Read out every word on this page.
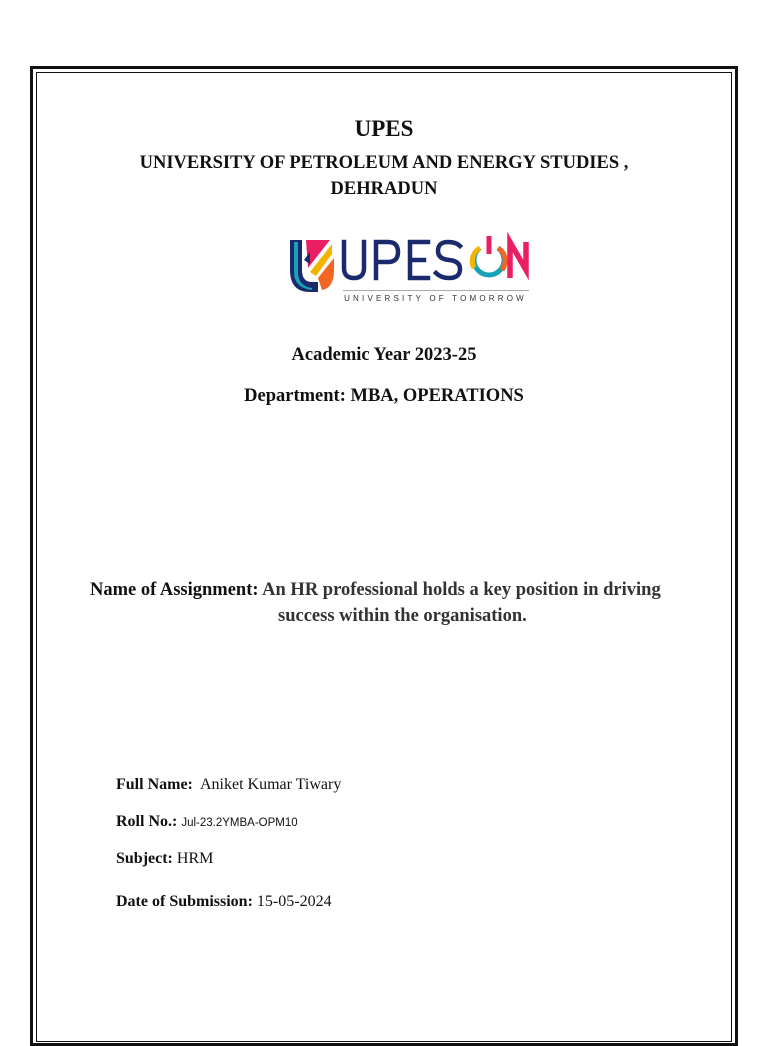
UPES
UNIVERSITY OF PETROLEUM AND ENERGY STUDIES ,
DEHRADUN
UNIVERSITY OF TOMORROW
Academic Year 2023-25
Department: MBA, OPERATIONS
Name of Assignment: An HR professional holds a key position in driving
success within the organisation.
Full Name: Aniket Kumar Tiwary
Roll No.: Jul-23.2YMBA-OPM10
Subject: HRM
Date of Submission: 15-05-2024
